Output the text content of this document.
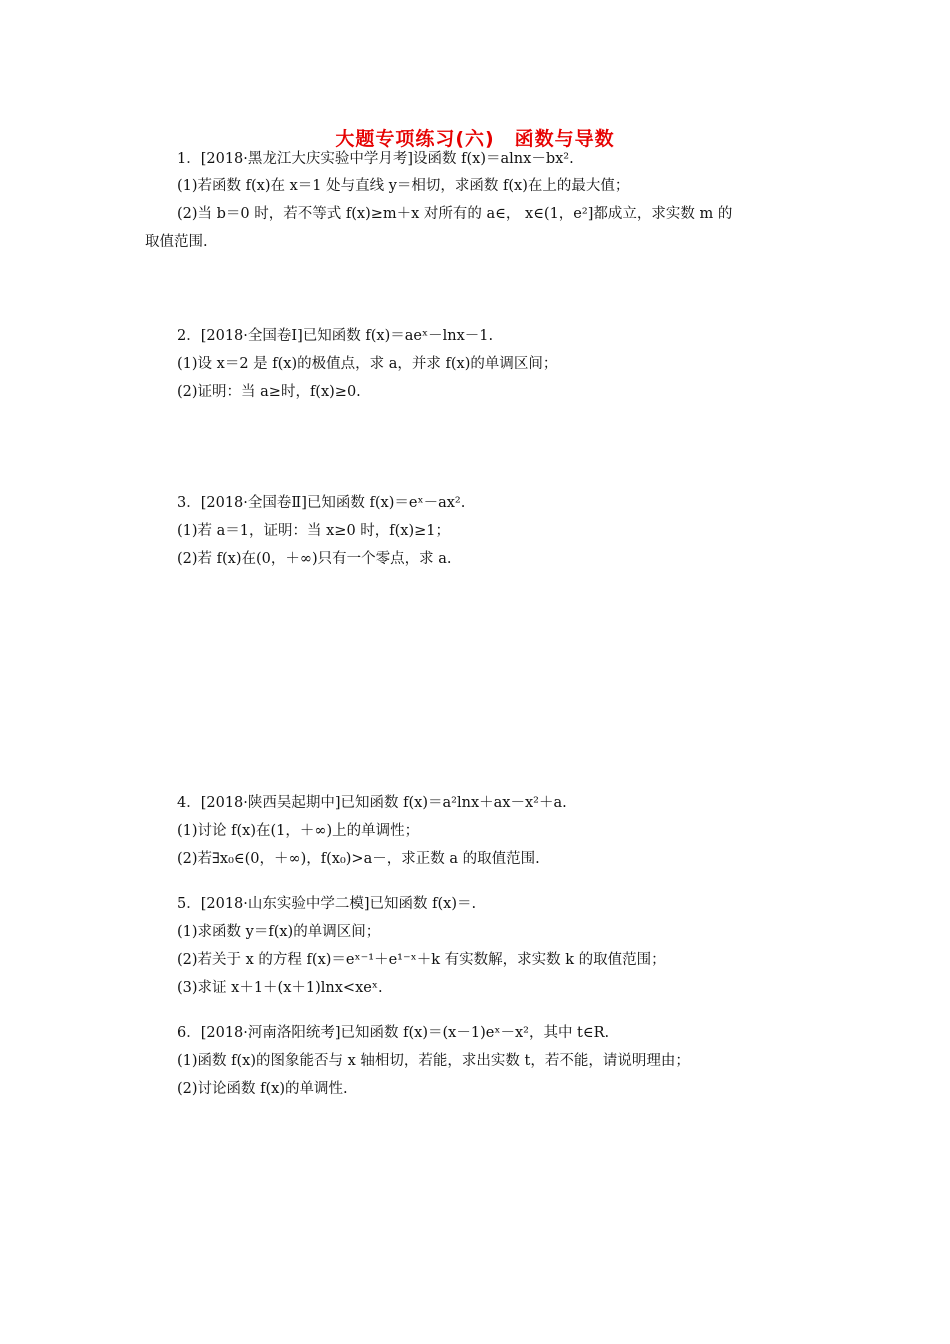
大题专项练习(六)　函数与导数
1．[2018·黑龙江大庆实验中学月考]设函数 f(x)＝alnx－bx².
(1)若函数 f(x)在 x＝1 处与直线 y＝相切，求函数 f(x)在上的最大值；
(2)当 b＝0 时，若不等式 f(x)≥m＋x 对所有的 a∈， x∈(1，e²]都成立，求实数 m 的
取值范围.
2．[2018·全国卷Ⅰ]已知函数 f(x)＝aeˣ－lnx－1.
(1)设 x＝2 是 f(x)的极值点，求 a，并求 f(x)的单调区间；
(2)证明：当 a≥时，f(x)≥0.
3．[2018·全国卷Ⅱ]已知函数 f(x)＝eˣ－ax².
(1)若 a＝1，证明：当 x≥0 时，f(x)≥1；
(2)若 f(x)在(0，＋∞)只有一个零点，求 a.
4．[2018·陕西吴起期中]已知函数 f(x)＝a²lnx＋ax－x²＋a.
(1)讨论 f(x)在(1，＋∞)上的单调性；
(2)若∃x₀∈(0，＋∞)，f(x₀)>a－，求正数 a 的取值范围.
5．[2018·山东实验中学二模]已知函数 f(x)＝.
(1)求函数 y＝f(x)的单调区间；
(2)若关于 x 的方程 f(x)＝eˣ⁻¹＋e¹⁻ˣ＋k 有实数解，求实数 k 的取值范围；
(3)求证 x＋1＋(x＋1)lnx<xeˣ.
6．[2018·河南洛阳统考]已知函数 f(x)＝(x－1)eˣ－x²，其中 t∈R.
(1)函数 f(x)的图象能否与 x 轴相切，若能，求出实数 t，若不能，请说明理由；
(2)讨论函数 f(x)的单调性.
